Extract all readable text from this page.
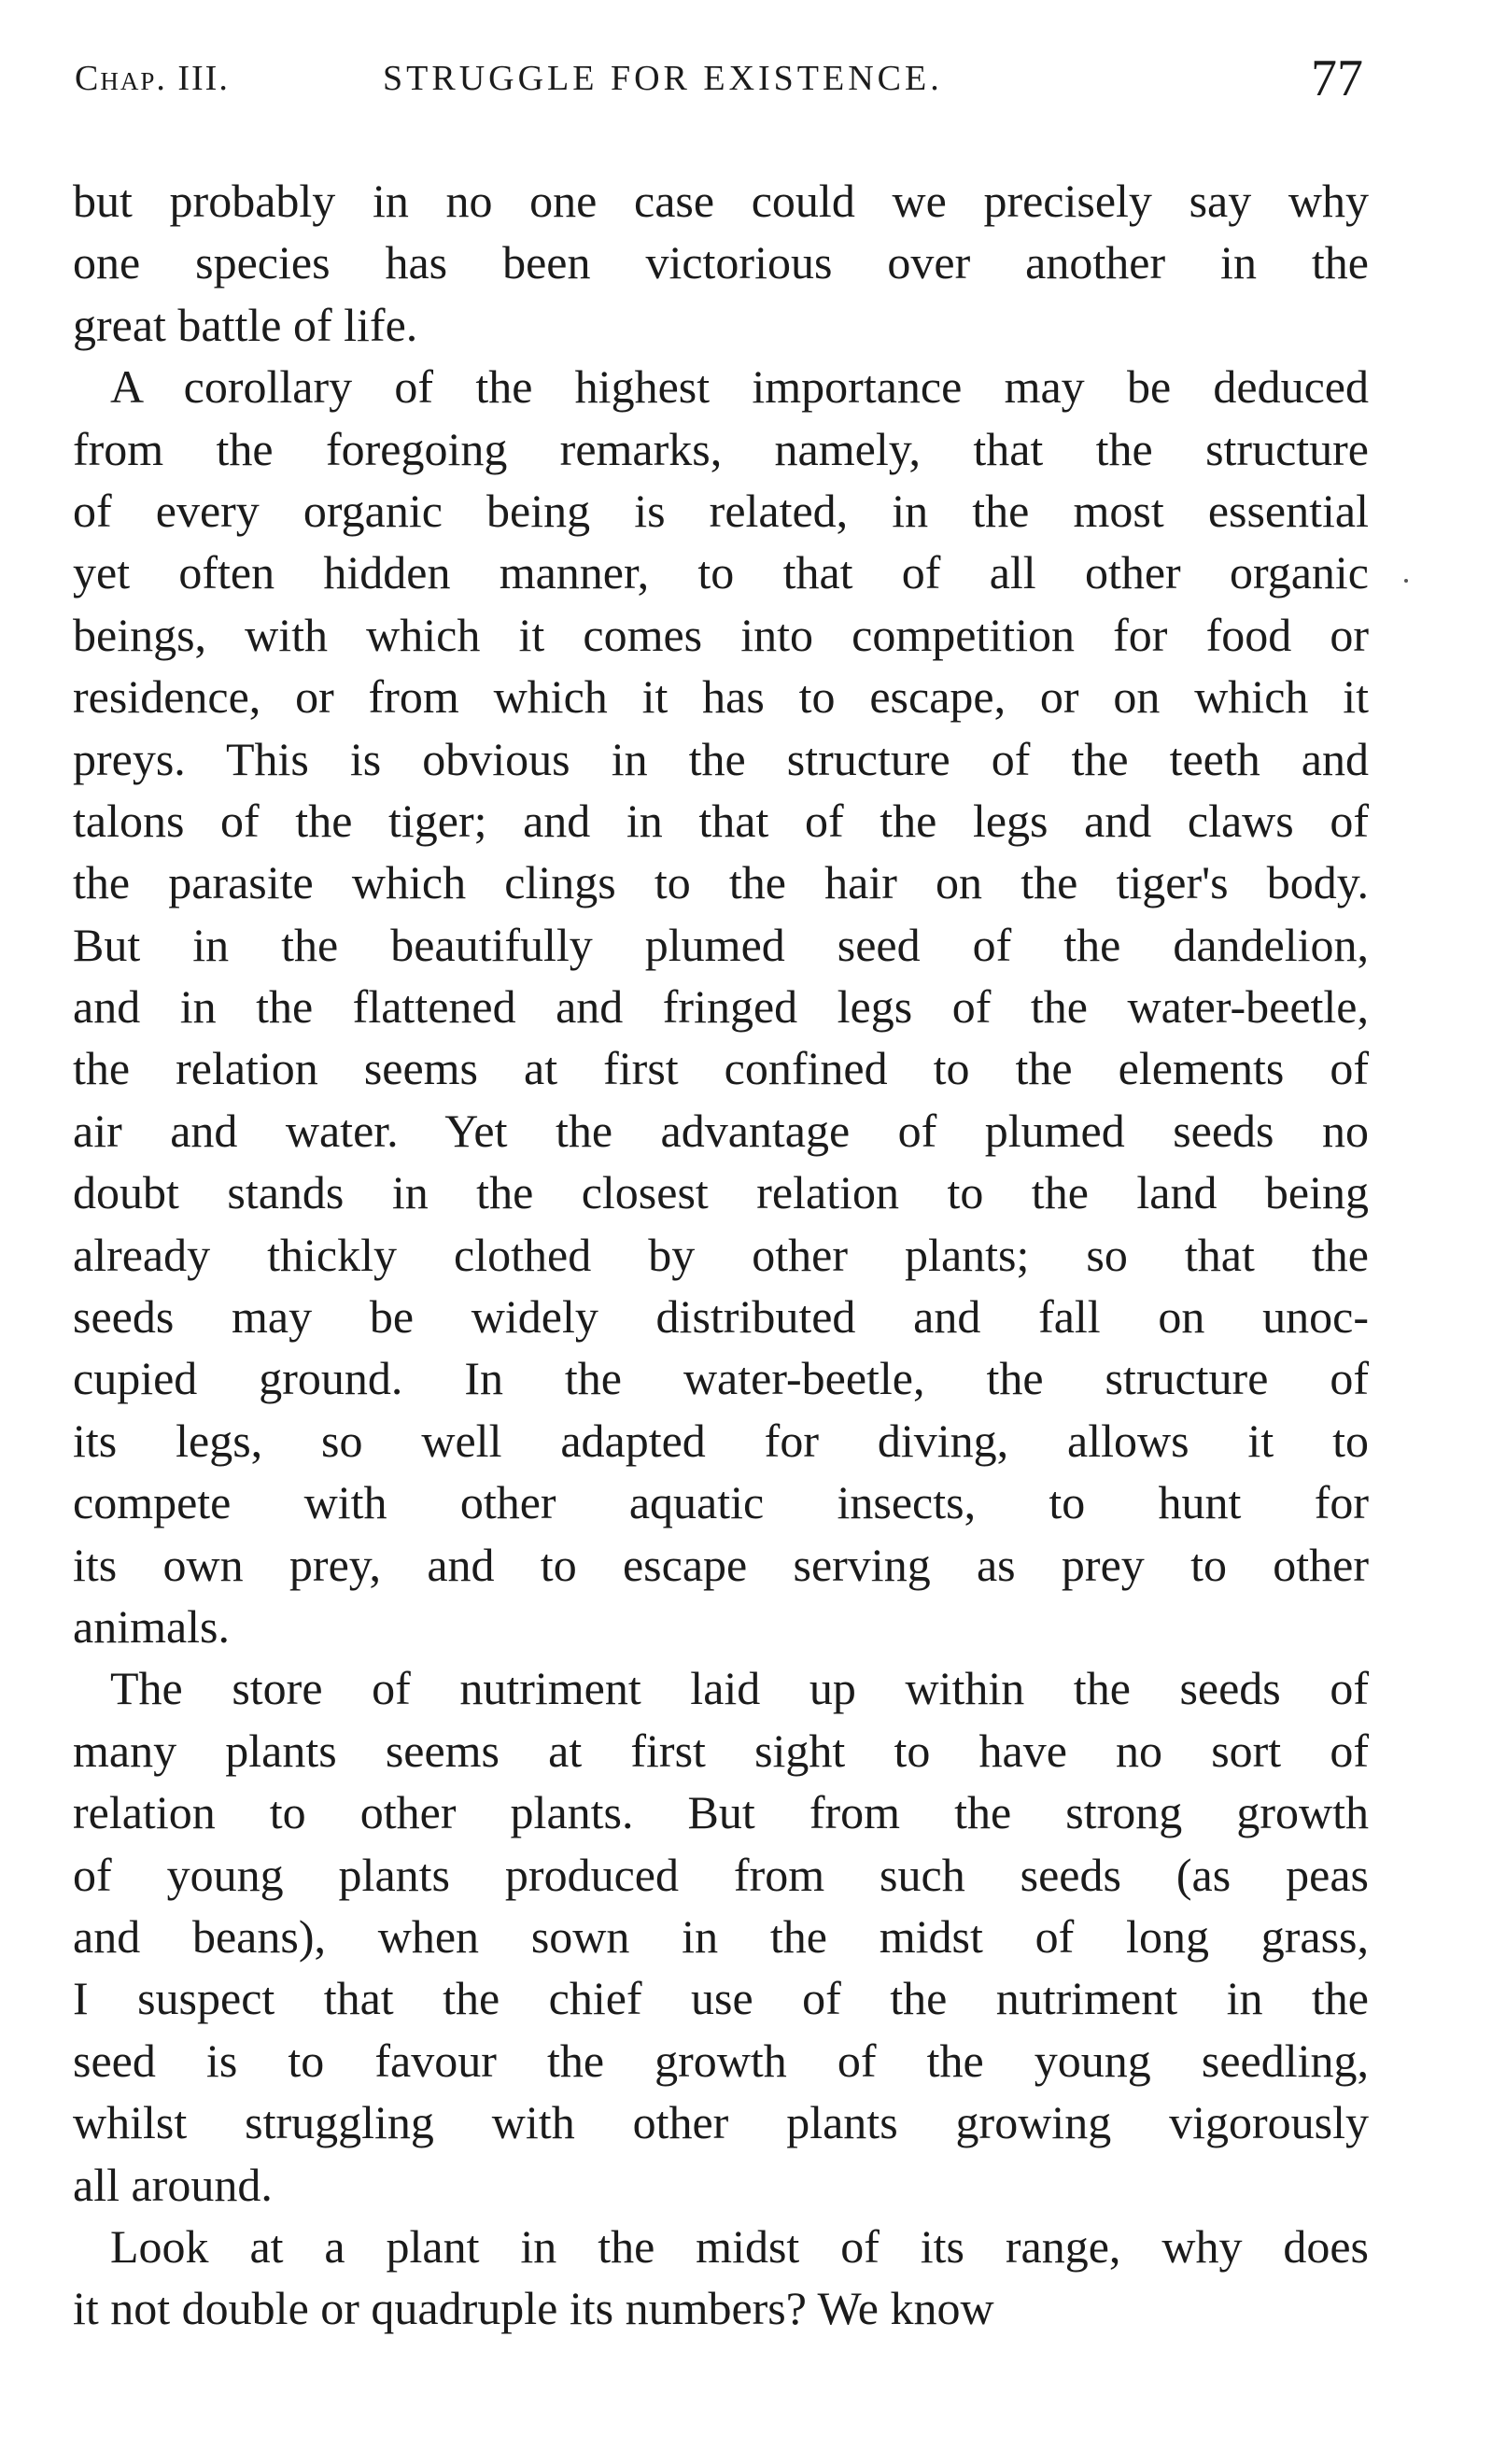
Chap. III.	STRUGGLE FOR EXISTENCE.	77
but probably in no one case could we precisely say why
one species has been victorious over another in the
great battle of life.
A corollary of the highest importance may be deduced
from the foregoing remarks, namely, that the structure
of every organic being is related, in the most essential
yet often hidden manner, to that of all other organic
beings, with which it comes into competition for food or
residence, or from which it has to escape, or on which it
preys. This is obvious in the structure of the teeth and
talons of the tiger; and in that of the legs and claws of
the parasite which clings to the hair on the tiger's body.
But in the beautifully plumed seed of the dandelion,
and in the flattened and fringed legs of the water-beetle,
the relation seems at first confined to the elements of
air and water. Yet the advantage of plumed seeds no
doubt stands in the closest relation to the land being
already thickly clothed by other plants; so that the
seeds may be widely distributed and fall on unoc-
cupied ground. In the water-beetle, the structure of
its legs, so well adapted for diving, allows it to
compete with other aquatic insects, to hunt for
its own prey, and to escape serving as prey to other
animals.
The store of nutriment laid up within the seeds of
many plants seems at first sight to have no sort of
relation to other plants. But from the strong growth
of young plants produced from such seeds (as peas
and beans), when sown in the midst of long grass,
I suspect that the chief use of the nutriment in the
seed is to favour the growth of the young seedling,
whilst struggling with other plants growing vigorously
all around.
Look at a plant in the midst of its range, why does
it not double or quadruple its numbers? We know
